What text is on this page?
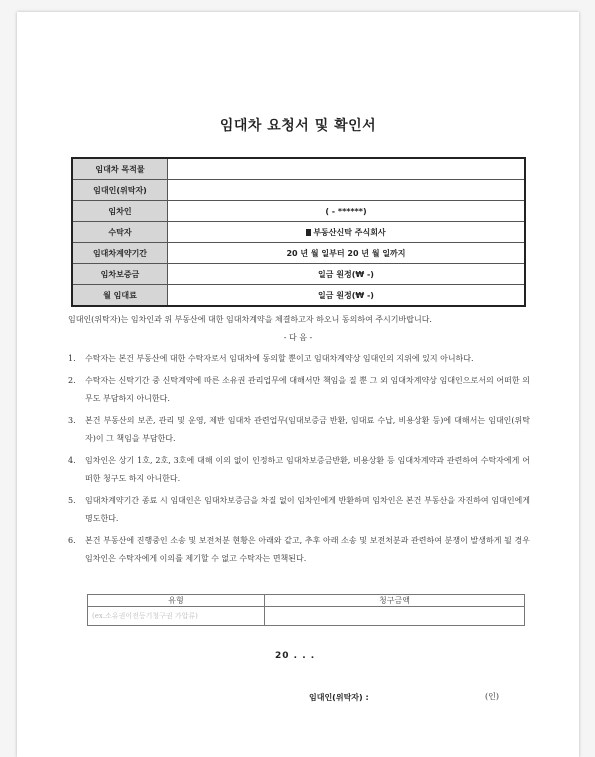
임대차 요청서 및 확인서
임대차 목적물	
임대인(위탁자)	
임차인	( - ******)
수탁자	부동산신탁 주식회사
임대차계약기간	20 년 월 일부터 20 년 월 일까지
임차보증금	일금 원정(₩ -)
월 임대료	일금 원정(₩ -)
임대인(위탁자)는 임차인과 위 부동산에 대한 임대차계약을 체결하고자 하오니 동의하여 주시기바랍니다.
- 다 음 -
1. 수탁자는 본건 부동산에 대한 수탁자로서 임대차에 동의할 뿐이고 임대차계약상 임대인의 지위에 있지 아니하다.
2. 수탁자는 신탁기간 중 신탁계약에 따른 소유권 관리업무에 대해서만 책임을 질 뿐 그 외 임대차계약상 임대인으로서의 어떠한 의무도 부담하지 아니한다.
3. 본건 부동산의 보존, 관리 및 운영, 제반 임대차 관련업무(임대보증금 반환, 임대료 수납, 비용상환 등)에 대해서는 임대인(위탁자)이 그 책임을 부담한다.
4. 임차인은 상기 1호, 2호, 3호에 대해 이의 없이 인정하고 임대차보증금반환, 비용상환 등 임대차계약과 관련하여 수탁자에게 어떠한 청구도 하지 아니한다.
5. 임대차계약기간 종료 시 임대인은 임대차보증금을 차질 없이 임차인에게 반환하며 임차인은 본건 부동산을 자진하여 임대인에게 명도한다.
6. 본건 부동산에 진행중인 소송 및 보전처분 현황은 아래와 같고, 추후 아래 소송 및 보전처분과 관련하여 분쟁이 발생하게 될 경우 임차인은 수탁자에게 이의를 제기할 수 없고 수탁자는 면책된다.
유형	청구금액
(ex.소유권이전등기청구권 가압류)	
20 . . .
임대인(위탁자) :	(인)
